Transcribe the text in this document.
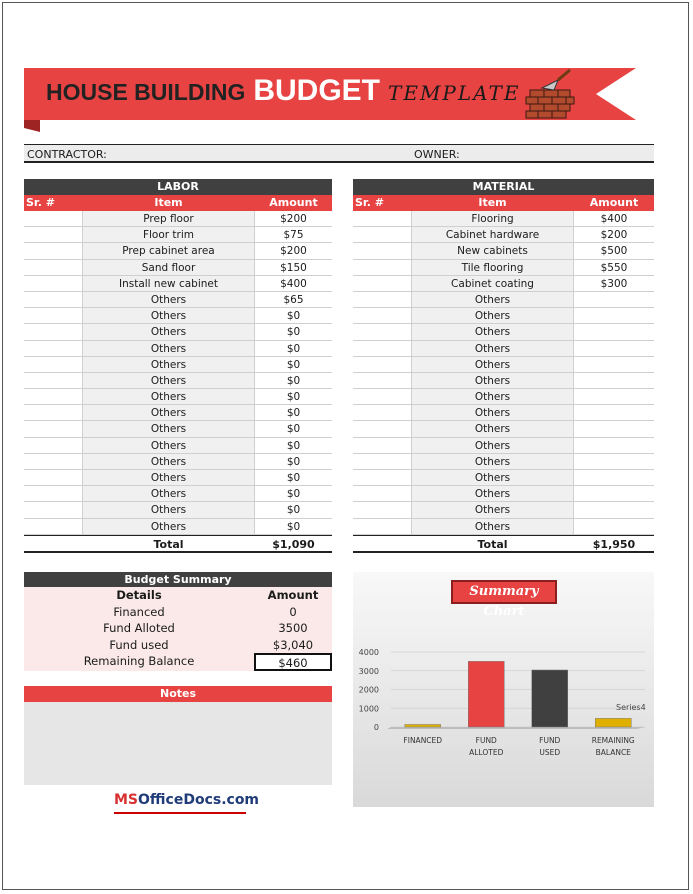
HOUSE BUILDING BUDGET TEMPLATE
CONTRACTOR:	OWNER:
LABOR
Sr. #	Item	Amount
Prep floor	$200
Floor trim	$75
Prep cabinet area	$200
Sand floor	$150
Install new cabinet	$400
Others	$65
Others	$0
Others	$0
Others	$0
Others	$0
Others	$0
Others	$0
Others	$0
Others	$0
Others	$0
Others	$0
Others	$0
Others	$0
Others	$0
Others	$0
Total	$1,090
MATERIAL
Sr. #	Item	Amount
Flooring	$400
Cabinet hardware	$200
New cabinets	$500
Tile flooring	$550
Cabinet coating	$300
Others
Others
Others
Others
Others
Others
Others
Others
Others
Others
Others
Others
Others
Others
Others
Total	$1,950
Budget Summary
Details	Amount
Financed	0
Fund Alloted	3500
Fund used	$3,040
Remaining Balance	$460
Notes
MSOfficeDocs.com
Summary Chart
0
1000
2000
3000
4000
FINANCED	FUND
ALLOTED
FUND
USED
REMAINING
BALANCE
Series4
